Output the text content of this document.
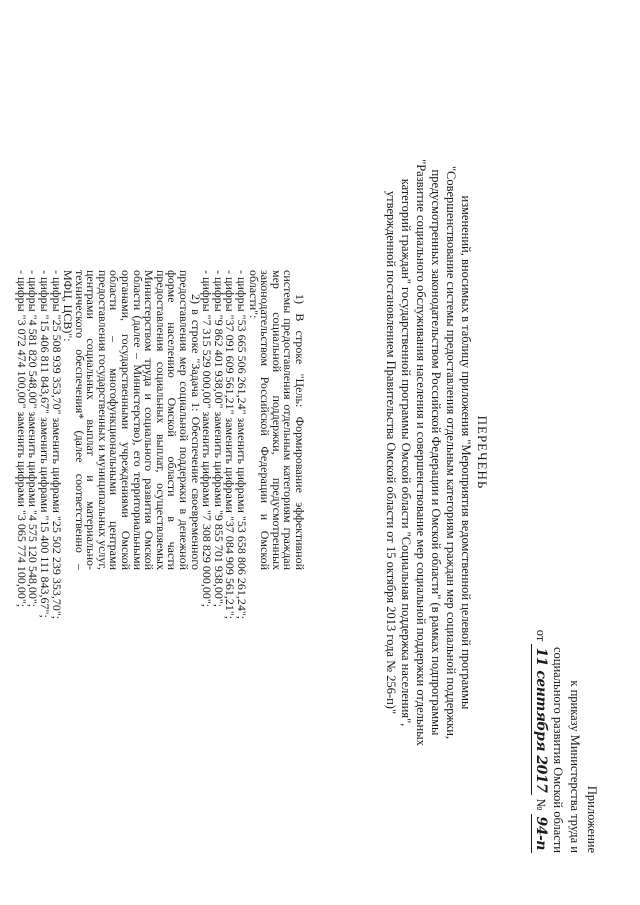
Приложение
к приказу Министерства труда и
социального развития Омской области
от 11 сентября 2017 № 94-п
ПЕРЕЧЕНЬ
изменений, вносимых в таблицу приложения "Мероприятия ведомственной целевой программы "Совершенствование системы предоставления отдельным категориям граждан мер социальной поддержки, предусмотренных законодательством Российской Федерации и Омской области" (в рамках подпрограммы "Развитие социального обслуживания населения и совершенствование мер социальной поддержки отдельных категорий граждан" государственной программы Омской области "Социальная поддержка населения", утвержденной постановлением Правительства Омской области от 15 октября 2013 года № 256-п)"

1) В строке "Цель: Формирование эффективной системы предоставления отдельным категориям граждан мер социальной поддержки, предусмотренных законодательством Российской Федерации и Омской области":

- цифры "53 665 506 261,24" заменить цифрами "53 658 806 261,24";
- цифры "37 091 609 561,21" заменить цифрами "37 084 909 561,21";
- цифры "9 862 401 938,00" заменить цифрами "9 855 701 938,00";
- цифры "7 315 529 000,00" заменить цифрами "7 308 829 000,00";

2) в строке "Задача 1: Обеспечение своевременного предоставления мер социальной поддержки в денежной форме населению Омской области в части предоставления социальных выплат, осуществляемых Министерством труда и социального развития Омской области (далее – Министерство), его территориальными органами, государственными учреждениями Омской области – многофункциональными центрами предоставления государственных и муниципальных услуг, центрами социальных выплат и материально-технического обеспечения* (далее соответственно – МФЦ, ЦСВ)":

- цифры "25 508 939 353,70" заменить цифрами "25 502 239 353,70";
- цифры "15 406 811 843,67" заменить цифрами "15 400 111 843,67";
- цифры "4 581 820 548,00" заменить цифрами "4 575 120 548,00";
- цифры "3 072 474 100,00" заменить цифрами "3 065 774 100,00";
